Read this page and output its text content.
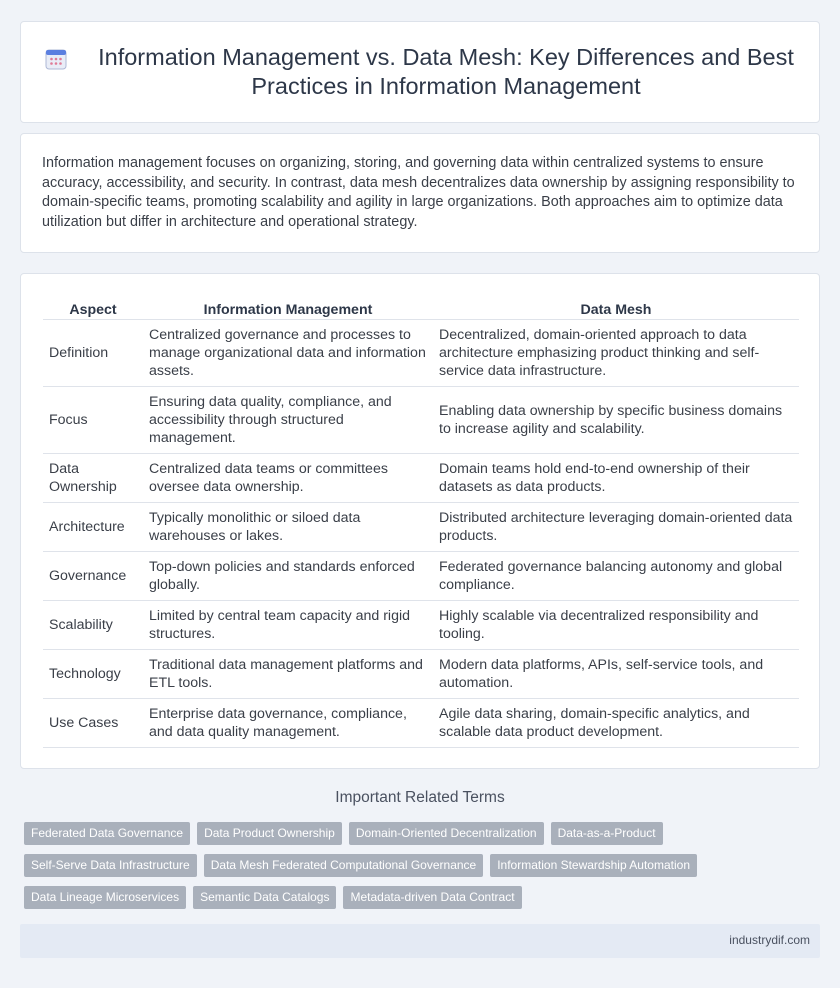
Information Management vs. Data Mesh: Key Differences and Best Practices in Information Management

Information management focuses on organizing, storing, and governing data within centralized systems to ensure accuracy, accessibility, and security. In contrast, data mesh decentralizes data ownership by assigning responsibility to domain-specific teams, promoting scalability and agility in large organizations. Both approaches aim to optimize data utilization but differ in architecture and operational strategy.

Aspect	Information Management	Data Mesh
Definition	Centralized governance and processes to manage organizational data and information assets.	Decentralized, domain-oriented approach to data architecture emphasizing product thinking and self-service data infrastructure.
Focus	Ensuring data quality, compliance, and accessibility through structured management.	Enabling data ownership by specific business domains to increase agility and scalability.
Data Ownership	Centralized data teams or committees oversee data ownership.	Domain teams hold end-to-end ownership of their datasets as data products.
Architecture	Typically monolithic or siloed data warehouses or lakes.	Distributed architecture leveraging domain-oriented data products.
Governance	Top-down policies and standards enforced globally.	Federated governance balancing autonomy and global compliance.
Scalability	Limited by central team capacity and rigid structures.	Highly scalable via decentralized responsibility and tooling.
Technology	Traditional data management platforms and ETL tools.	Modern data platforms, APIs, self-service tools, and automation.
Use Cases	Enterprise data governance, compliance, and data quality management.	Agile data sharing, domain-specific analytics, and scalable data product development.
Important Related Terms
Federated Data Governance	Data Product Ownership	Domain-Oriented Decentralization	Data-as-a-Product
Self-Serve Data Infrastructure	Data Mesh Federated Computational Governance	Information Stewardship Automation
Data Lineage Microservices	Semantic Data Catalogs	Metadata-driven Data Contract
industrydif.com
